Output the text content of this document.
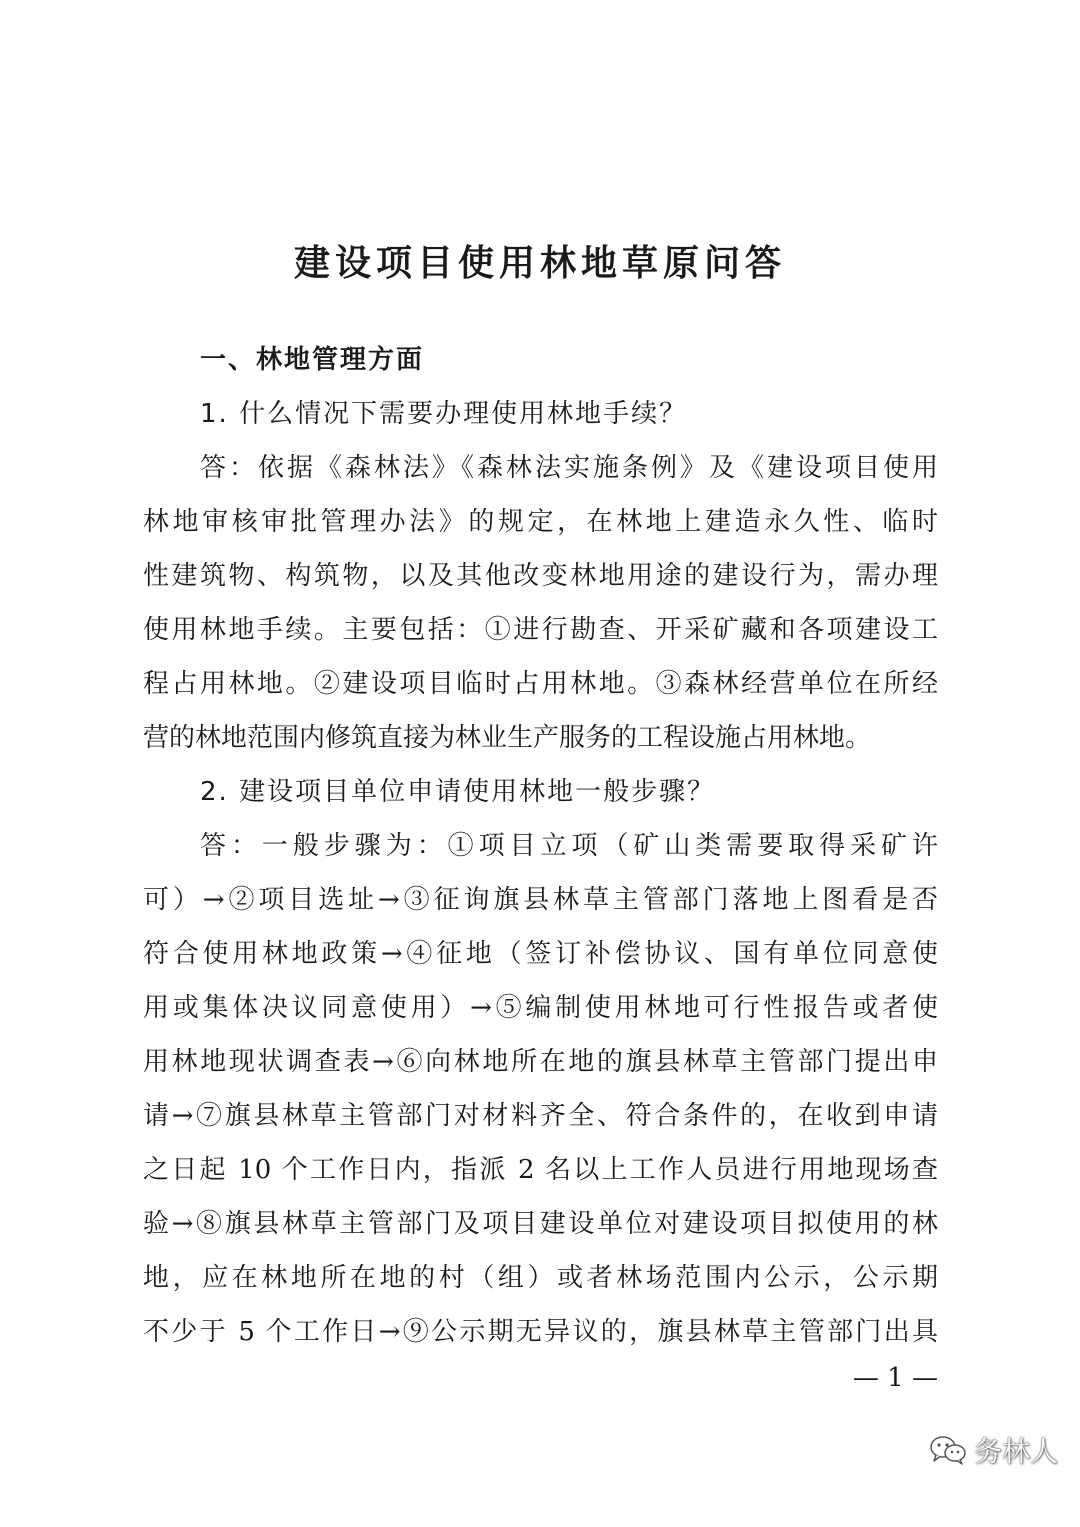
建设项目使用林地草原问答
一、林地管理方面
1. 什么情况下需要办理使用林地手续？
答：依据《森林法》《森林法实施条例》及《建设项目使用
林地审核审批管理办法》的规定，在林地上建造永久性、临时
性建筑物、构筑物，以及其他改变林地用途的建设行为，需办理
使用林地手续。主要包括：①进行勘查、开采矿藏和各项建设工
程占用林地。②建设项目临时占用林地。③森林经营单位在所经
营的林地范围内修筑直接为林业生产服务的工程设施占用林地。
2. 建设项目单位申请使用林地一般步骤？
答：一般步骤为：①项目立项（矿山类需要取得采矿许
可）→②项目选址→③征询旗县林草主管部门落地上图看是否
符合使用林地政策→④征地（签订补偿协议、国有单位同意使
用或集体决议同意使用）→⑤编制使用林地可行性报告或者使
用林地现状调查表→⑥向林地所在地的旗县林草主管部门提出申
请→⑦旗县林草主管部门对材料齐全、符合条件的，在收到申请
之日起 10 个工作日内，指派 2 名以上工作人员进行用地现场查
验→⑧旗县林草主管部门及项目建设单位对建设项目拟使用的林
地，应在林地所在地的村（组）或者林场范围内公示，公示期
不少于 5 个工作日→⑨公示期无异议的，旗县林草主管部门出具
— 1 —
务林人
